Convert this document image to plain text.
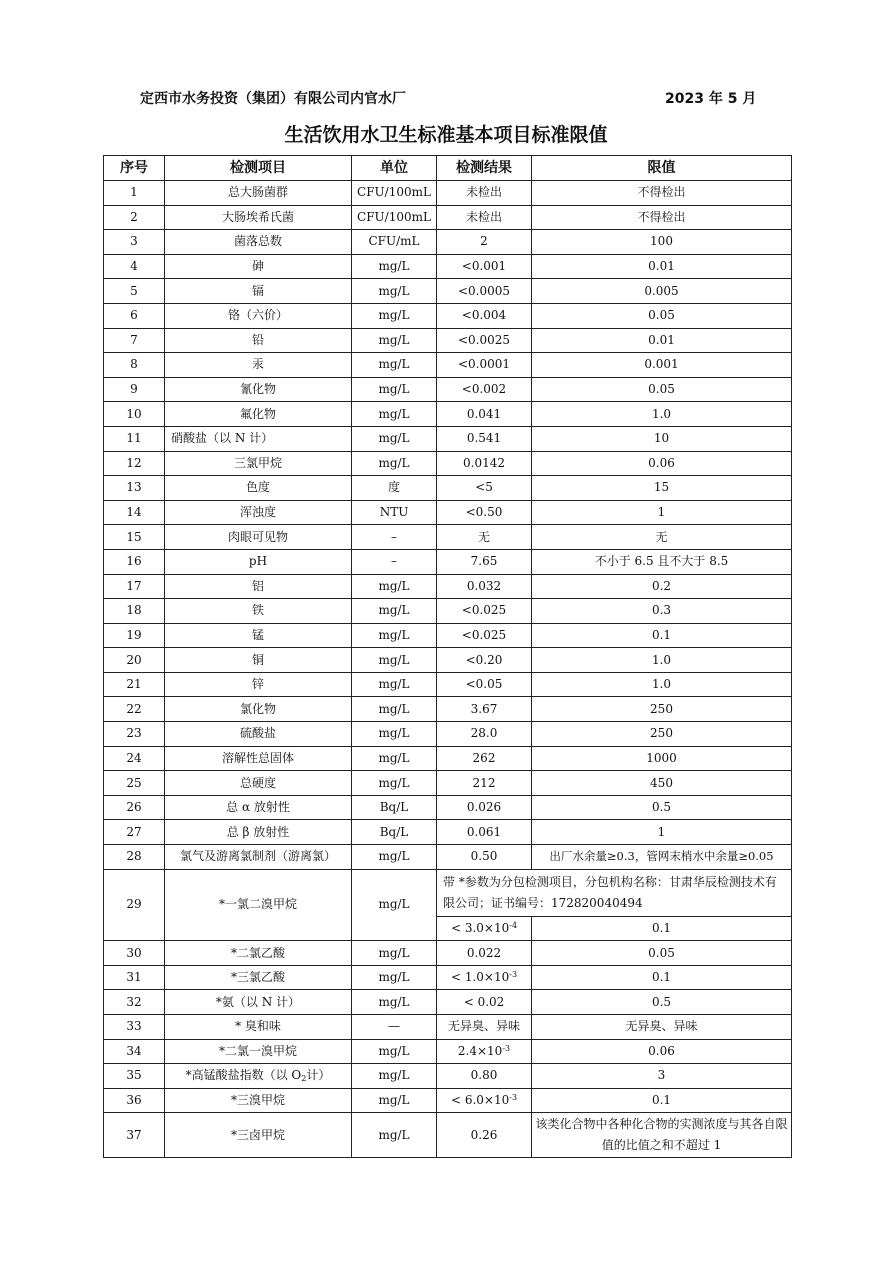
定西市水务投资（集团）有限公司内官水厂	2023 年 5 月
生活饮用水卫生标准基本项目标准限值
序号	检测项目	单位	检测结果	限值
1	总大肠菌群	CFU/100mL	未检出	不得检出
2	大肠埃希氏菌	CFU/100mL	未检出	不得检出
3	菌落总数	CFU/mL	2	100
4	砷	mg/L	<0.001	0.01
5	镉	mg/L	<0.0005	0.005
6	铬（六价）	mg/L	<0.004	0.05
7	铅	mg/L	<0.0025	0.01
8	汞	mg/L	<0.0001	0.001
9	氰化物	mg/L	<0.002	0.05
10	氟化物	mg/L	0.041	1.0
11	硝酸盐（以 N 计）	mg/L	0.541	10
12	三氯甲烷	mg/L	0.0142	0.06
13	色度	度	<5	15
14	浑浊度	NTU	<0.50	1
15	肉眼可见物	–	无	无
16	pH	–	7.65	不小于 6.5 且不大于 8.5
17	铝	mg/L	0.032	0.2
18	铁	mg/L	<0.025	0.3
19	锰	mg/L	<0.025	0.1
20	铜	mg/L	<0.20	1.0
21	锌	mg/L	<0.05	1.0
22	氯化物	mg/L	3.67	250
23	硫酸盐	mg/L	28.0	250
24	溶解性总固体	mg/L	262	1000
25	总硬度	mg/L	212	450
26	总 α 放射性	Bq/L	0.026	0.5
27	总 β 放射性	Bq/L	0.061	1
28	氯气及游离氯制剂（游离氯）	mg/L	0.50	出厂水余量≥0.3，管网末梢水中余量≥0.05
29	*一氯二溴甲烷	mg/L	带 *参数为分包检测项目，分包机构名称：甘肃华辰检测技术有限公司；证书编号：172820040494	
			< $3.0\times 10^{-4}$	0.1
30	*二氯乙酸	mg/L	0.022	0.05
31	*三氯乙酸	mg/L	< $1.0\times 10^{-3}$	0.1
32	*氨（以 N 计）	mg/L	< 0.02	0.5
33	* 臭和味	—	无异臭、异味	无异臭、异味
34	*二氯一溴甲烷	mg/L	$2.4\times 10^{-3}$	0.06
35	*高锰酸盐指数（以 $O_2$计）	mg/L	0.80	3
36	*三溴甲烷	mg/L	< $6.0\times 10^{-3}$	0.1
37	*三卤甲烷	mg/L	0.26	该类化合物中各种化合物的实测浓度与其各自限值的比值之和不超过 1
